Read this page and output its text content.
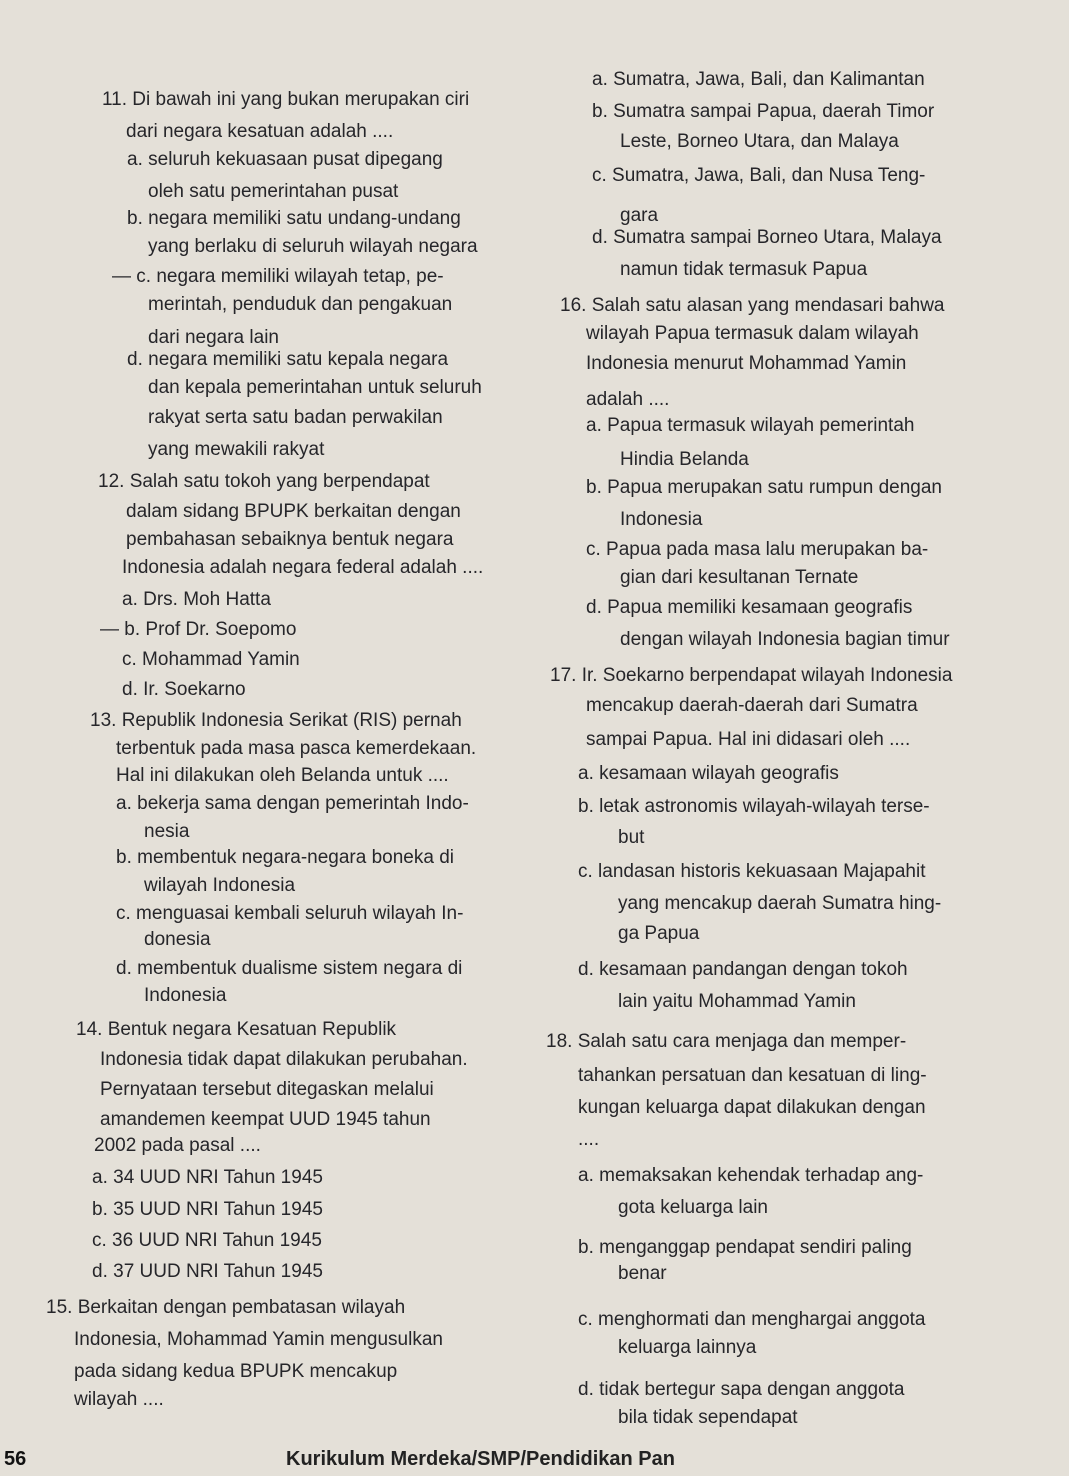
11. Di bawah ini yang bukan merupakan ciri
dari negara kesatuan adalah ....
a. seluruh kekuasaan pusat dipegang
oleh satu pemerintahan pusat
b. negara memiliki satu undang-undang
yang berlaku di seluruh wilayah negara
— c. negara memiliki wilayah tetap, pe-
merintah, penduduk dan pengakuan
dari negara lain
d. negara memiliki satu kepala negara
dan kepala pemerintahan untuk seluruh
rakyat serta satu badan perwakilan
yang mewakili rakyat
12. Salah satu tokoh yang berpendapat
dalam sidang BPUPK berkaitan dengan
pembahasan sebaiknya bentuk negara
Indonesia adalah negara federal adalah ....
a. Drs. Moh Hatta
— b. Prof Dr. Soepomo
c. Mohammad Yamin
d. Ir. Soekarno
13. Republik Indonesia Serikat (RIS) pernah
terbentuk pada masa pasca kemerdekaan.
Hal ini dilakukan oleh Belanda untuk ....
a. bekerja sama dengan pemerintah Indo-
nesia
b. membentuk negara-negara boneka di
wilayah Indonesia
c. menguasai kembali seluruh wilayah In-
donesia
d. membentuk dualisme sistem negara di
Indonesia
14. Bentuk negara Kesatuan Republik
Indonesia tidak dapat dilakukan perubahan.
Pernyataan tersebut ditegaskan melalui
amandemen keempat UUD 1945 tahun
2002 pada pasal ....
a. 34 UUD NRI Tahun 1945
b. 35 UUD NRI Tahun 1945
c. 36 UUD NRI Tahun 1945
d. 37 UUD NRI Tahun 1945
15. Berkaitan dengan pembatasan wilayah
Indonesia, Mohammad Yamin mengusulkan
pada sidang kedua BPUPK mencakup
wilayah ....
a. Sumatra, Jawa, Bali, dan Kalimantan
b. Sumatra sampai Papua, daerah Timor
Leste, Borneo Utara, dan Malaya
c. Sumatra, Jawa, Bali, dan Nusa Teng-
gara
d. Sumatra sampai Borneo Utara, Malaya
namun tidak termasuk Papua
16. Salah satu alasan yang mendasari bahwa
wilayah Papua termasuk dalam wilayah
Indonesia menurut Mohammad Yamin
adalah ....
a. Papua termasuk wilayah pemerintah
Hindia Belanda
b. Papua merupakan satu rumpun dengan
Indonesia
c. Papua pada masa lalu merupakan ba-
gian dari kesultanan Ternate
d. Papua memiliki kesamaan geografis
dengan wilayah Indonesia bagian timur
17. Ir. Soekarno berpendapat wilayah Indonesia
mencakup daerah-daerah dari Sumatra
sampai Papua. Hal ini didasari oleh ....
a. kesamaan wilayah geografis
b. letak astronomis wilayah-wilayah terse-
but
c. landasan historis kekuasaan Majapahit
yang mencakup daerah Sumatra hing-
ga Papua
d. kesamaan pandangan dengan tokoh
lain yaitu Mohammad Yamin
18. Salah satu cara menjaga dan memper-
tahankan persatuan dan kesatuan di ling-
kungan keluarga dapat dilakukan dengan
....
a. memaksakan kehendak terhadap ang-
gota keluarga lain
b. menganggap pendapat sendiri paling
benar
c. menghormati dan menghargai anggota
keluarga lainnya
d. tidak bertegur sapa dengan anggota
bila tidak sependapat
56	Kurikulum Merdeka/SMP/Pendidikan Pan
